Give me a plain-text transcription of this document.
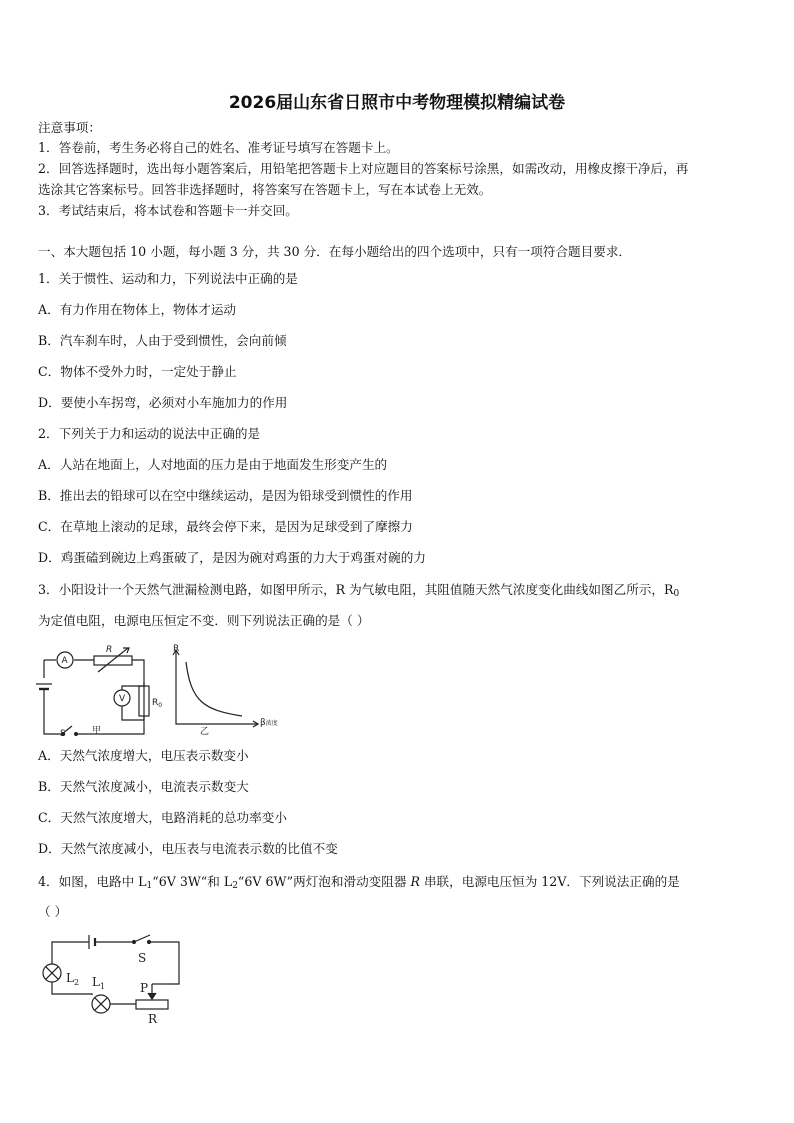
2026届山东省日照市中考物理模拟精编试卷
注意事项：
1．答卷前，考生务必将自己的姓名、准考证号填写在答题卡上。
2．回答选择题时，选出每小题答案后，用铅笔把答题卡上对应题目的答案标号涂黑，如需改动，用橡皮擦干净后，再
选涂其它答案标号。回答非选择题时，将答案写在答题卡上，写在本试卷上无效。
3．考试结束后，将本试卷和答题卡一并交回。
一、本大题包括 10 小题，每小题 3 分，共 30 分．在每小题给出的四个选项中，只有一项符合题目要求．
1．关于惯性、运动和力，下列说法中正确的是
A．有力作用在物体上，物体才运动
B．汽车刹车时，人由于受到惯性，会向前倾
C．物体不受外力时，一定处于静止
D．要使小车拐弯，必须对小车施加力的作用
2．下列关于力和运动的说法中正确的是
A．人站在地面上，人对地面的压力是由于地面发生形变产生的
B．推出去的铅球可以在空中继续运动，是因为铅球受到惯性的作用
C．在草地上滚动的足球，最终会停下来，是因为足球受到了摩擦力
D．鸡蛋磕到碗边上鸡蛋破了，是因为碗对鸡蛋的力大于鸡蛋对碗的力
3．小阳设计一个天然气泄漏检测电路，如图甲所示，R 为气敏电阻，其阻值随天然气浓度变化曲线如图乙所示，$R_0$
为定值电阻，电源电压恒定不变．则下列说法正确的是（ ）
A
V
R
$R_0$
S	甲
R
β浓度
乙
A．天然气浓度增大，电压表示数变小
B．天然气浓度减小，电流表示数变大
C．天然气浓度增大，电路消耗的总功率变小
D．天然气浓度减小，电压表与电流表示数的比值不变
4．如图，电路中 $L_1“6V$ 3W“和 $L_2“6V$ 6W”两灯泡和滑动变阻器 R 串联，电源电压恒为 12V．下列说法正确的是
（ ）
$L_2$ $L_1$
S
P
R
